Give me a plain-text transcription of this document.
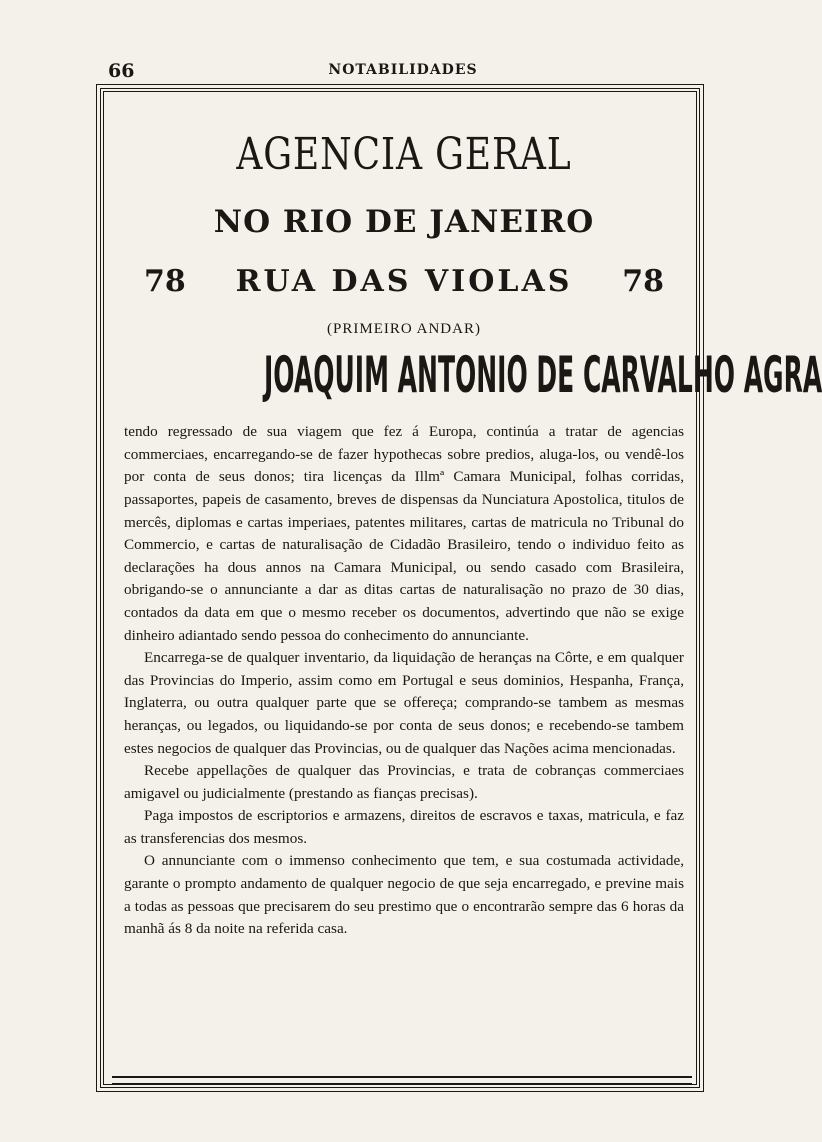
66	NOTABILIDADES
AGENCIA GERAL
NO RIO DE JANEIRO
78 RUA DAS VIOLAS 78
(PRIMEIRO ANDAR)
JOAQUIM ANTONIO DE CARVALHO AGRA

tendo regressado de sua viagem que fez á Europa, continúa a tratar de agencias commerciaes, encarregando-se de fazer hypothecas sobre predios, aluga-los, ou vendê-los por conta de seus donos; tira licenças da Illmª Camara Municipal, folhas corridas, passaportes, papeis de casamento, breves de dispensas da Nunciatura Apostolica, titulos de mercês, diplomas e cartas imperiaes, patentes militares, cartas de matricula no Tribunal do Commercio, e cartas de naturalisação de Cidadão Brasileiro, tendo o individuo feito as declarações ha dous annos na Camara Municipal, ou sendo casado com Brasileira, obrigando-se o annunciante a dar as ditas cartas de naturalisação no prazo de 30 dias, contados da data em que o mesmo receber os documentos, advertindo que não se exige dinheiro adiantado sendo pessoa do conhecimento do annunciante.

Encarrega-se de qualquer inventario, da liquidação de heranças na Côrte, e em qualquer das Provincias do Imperio, assim como em Portugal e seus dominios, Hespanha, França, Inglaterra, ou outra qualquer parte que se offereça; comprando-se tambem as mesmas heranças, ou legados, ou liquidando-se por conta de seus donos; e recebendo-se tambem estes negocios de qualquer das Provincias, ou de qualquer das Nações acima mencionadas.

Recebe appellações de qualquer das Provincias, e trata de cobranças commerciaes amigavel ou judicialmente (prestando as fianças precisas).

Paga impostos de escriptorios e armazens, direitos de escravos e taxas, matricula, e faz as transferencias dos mesmos.

O annunciante com o immenso conhecimento que tem, e sua costumada actividade, garante o prompto andamento de qualquer negocio de que seja encarregado, e previne mais a todas as pessoas que precisarem do seu prestimo que o encontrarão sempre das 6 horas da manhã ás 8 da noite na referida casa.
